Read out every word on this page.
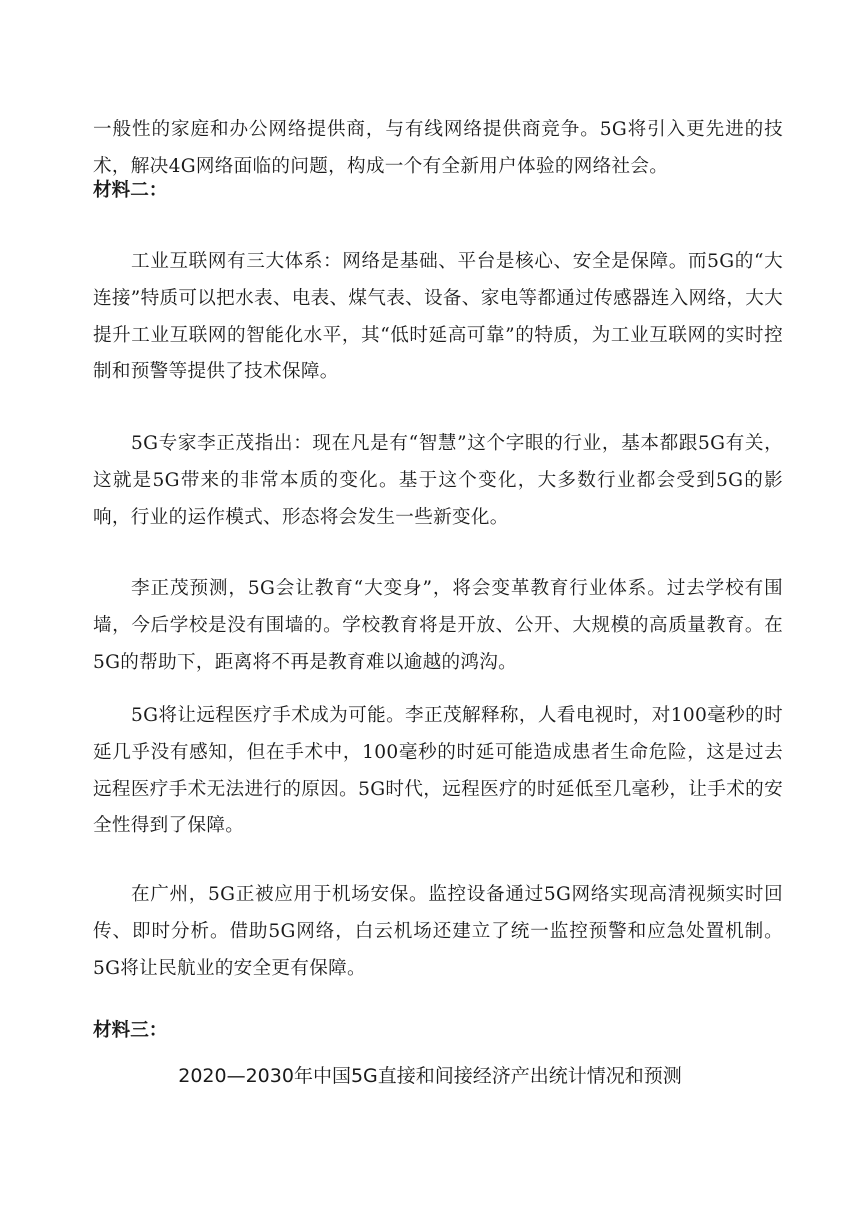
一般性的家庭和办公网络提供商，与有线网络提供商竞争。5G将引入更先进的技术，解决4G网络面临的问题，构成一个有全新用户体验的网络社会。

材料二：

工业互联网有三大体系：网络是基础、平台是核心、安全是保障。而5G的“大连接”特质可以把水表、电表、煤气表、设备、家电等都通过传感器连入网络，大大提升工业互联网的智能化水平，其“低时延高可靠”的特质，为工业互联网的实时控制和预警等提供了技术保障。

5G专家李正茂指出：现在凡是有“智慧”这个字眼的行业，基本都跟5G有关，这就是5G带来的非常本质的变化。基于这个变化，大多数行业都会受到5G的影响，行业的运作模式、形态将会发生一些新变化。

李正茂预测，5G会让教育“大变身”，将会变革教育行业体系。过去学校有围墙，今后学校是没有围墙的。学校教育将是开放、公开、大规模的高质量教育。在5G的帮助下，距离将不再是教育难以逾越的鸿沟。

5G将让远程医疗手术成为可能。李正茂解释称，人看电视时，对100毫秒的时延几乎没有感知，但在手术中，100毫秒的时延可能造成患者生命危险，这是过去远程医疗手术无法进行的原因。5G时代，远程医疗的时延低至几毫秒，让手术的安全性得到了保障。

在广州，5G正被应用于机场安保。监控设备通过5G网络实现高清视频实时回传、即时分析。借助5G网络，白云机场还建立了统一监控预警和应急处置机制。5G将让民航业的安全更有保障。

材料三：

2020—2030年中国5G直接和间接经济产出统计情况和预测
